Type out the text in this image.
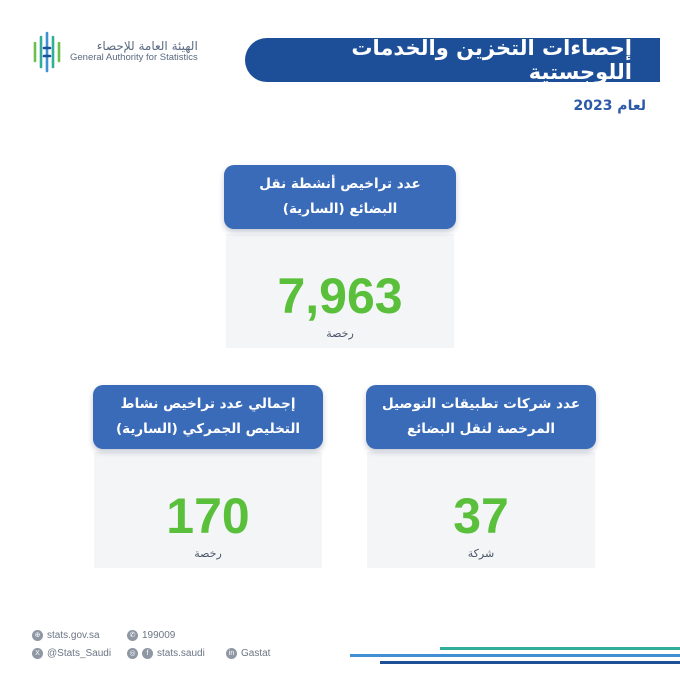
الهيئة العامة للإحصاء
General Authority for Statistics	إحصاءات التخزين والخدمات اللوجستية
لعام 2023
7,963
رخصة
عدد تراخيص أنشطة نقل
البضائع (السارية)
170
رخصة
إجمالي عدد تراخيص نشاط
التخليص الجمركي (السارية)
37
شركة
عدد شركات تطبيقات التوصيل
المرخصة لنقل البضائع
⊕ stats.gov.sa	✆ 199009
X @Stats_Saudi	◎	f stats.saudi	in Gastat
